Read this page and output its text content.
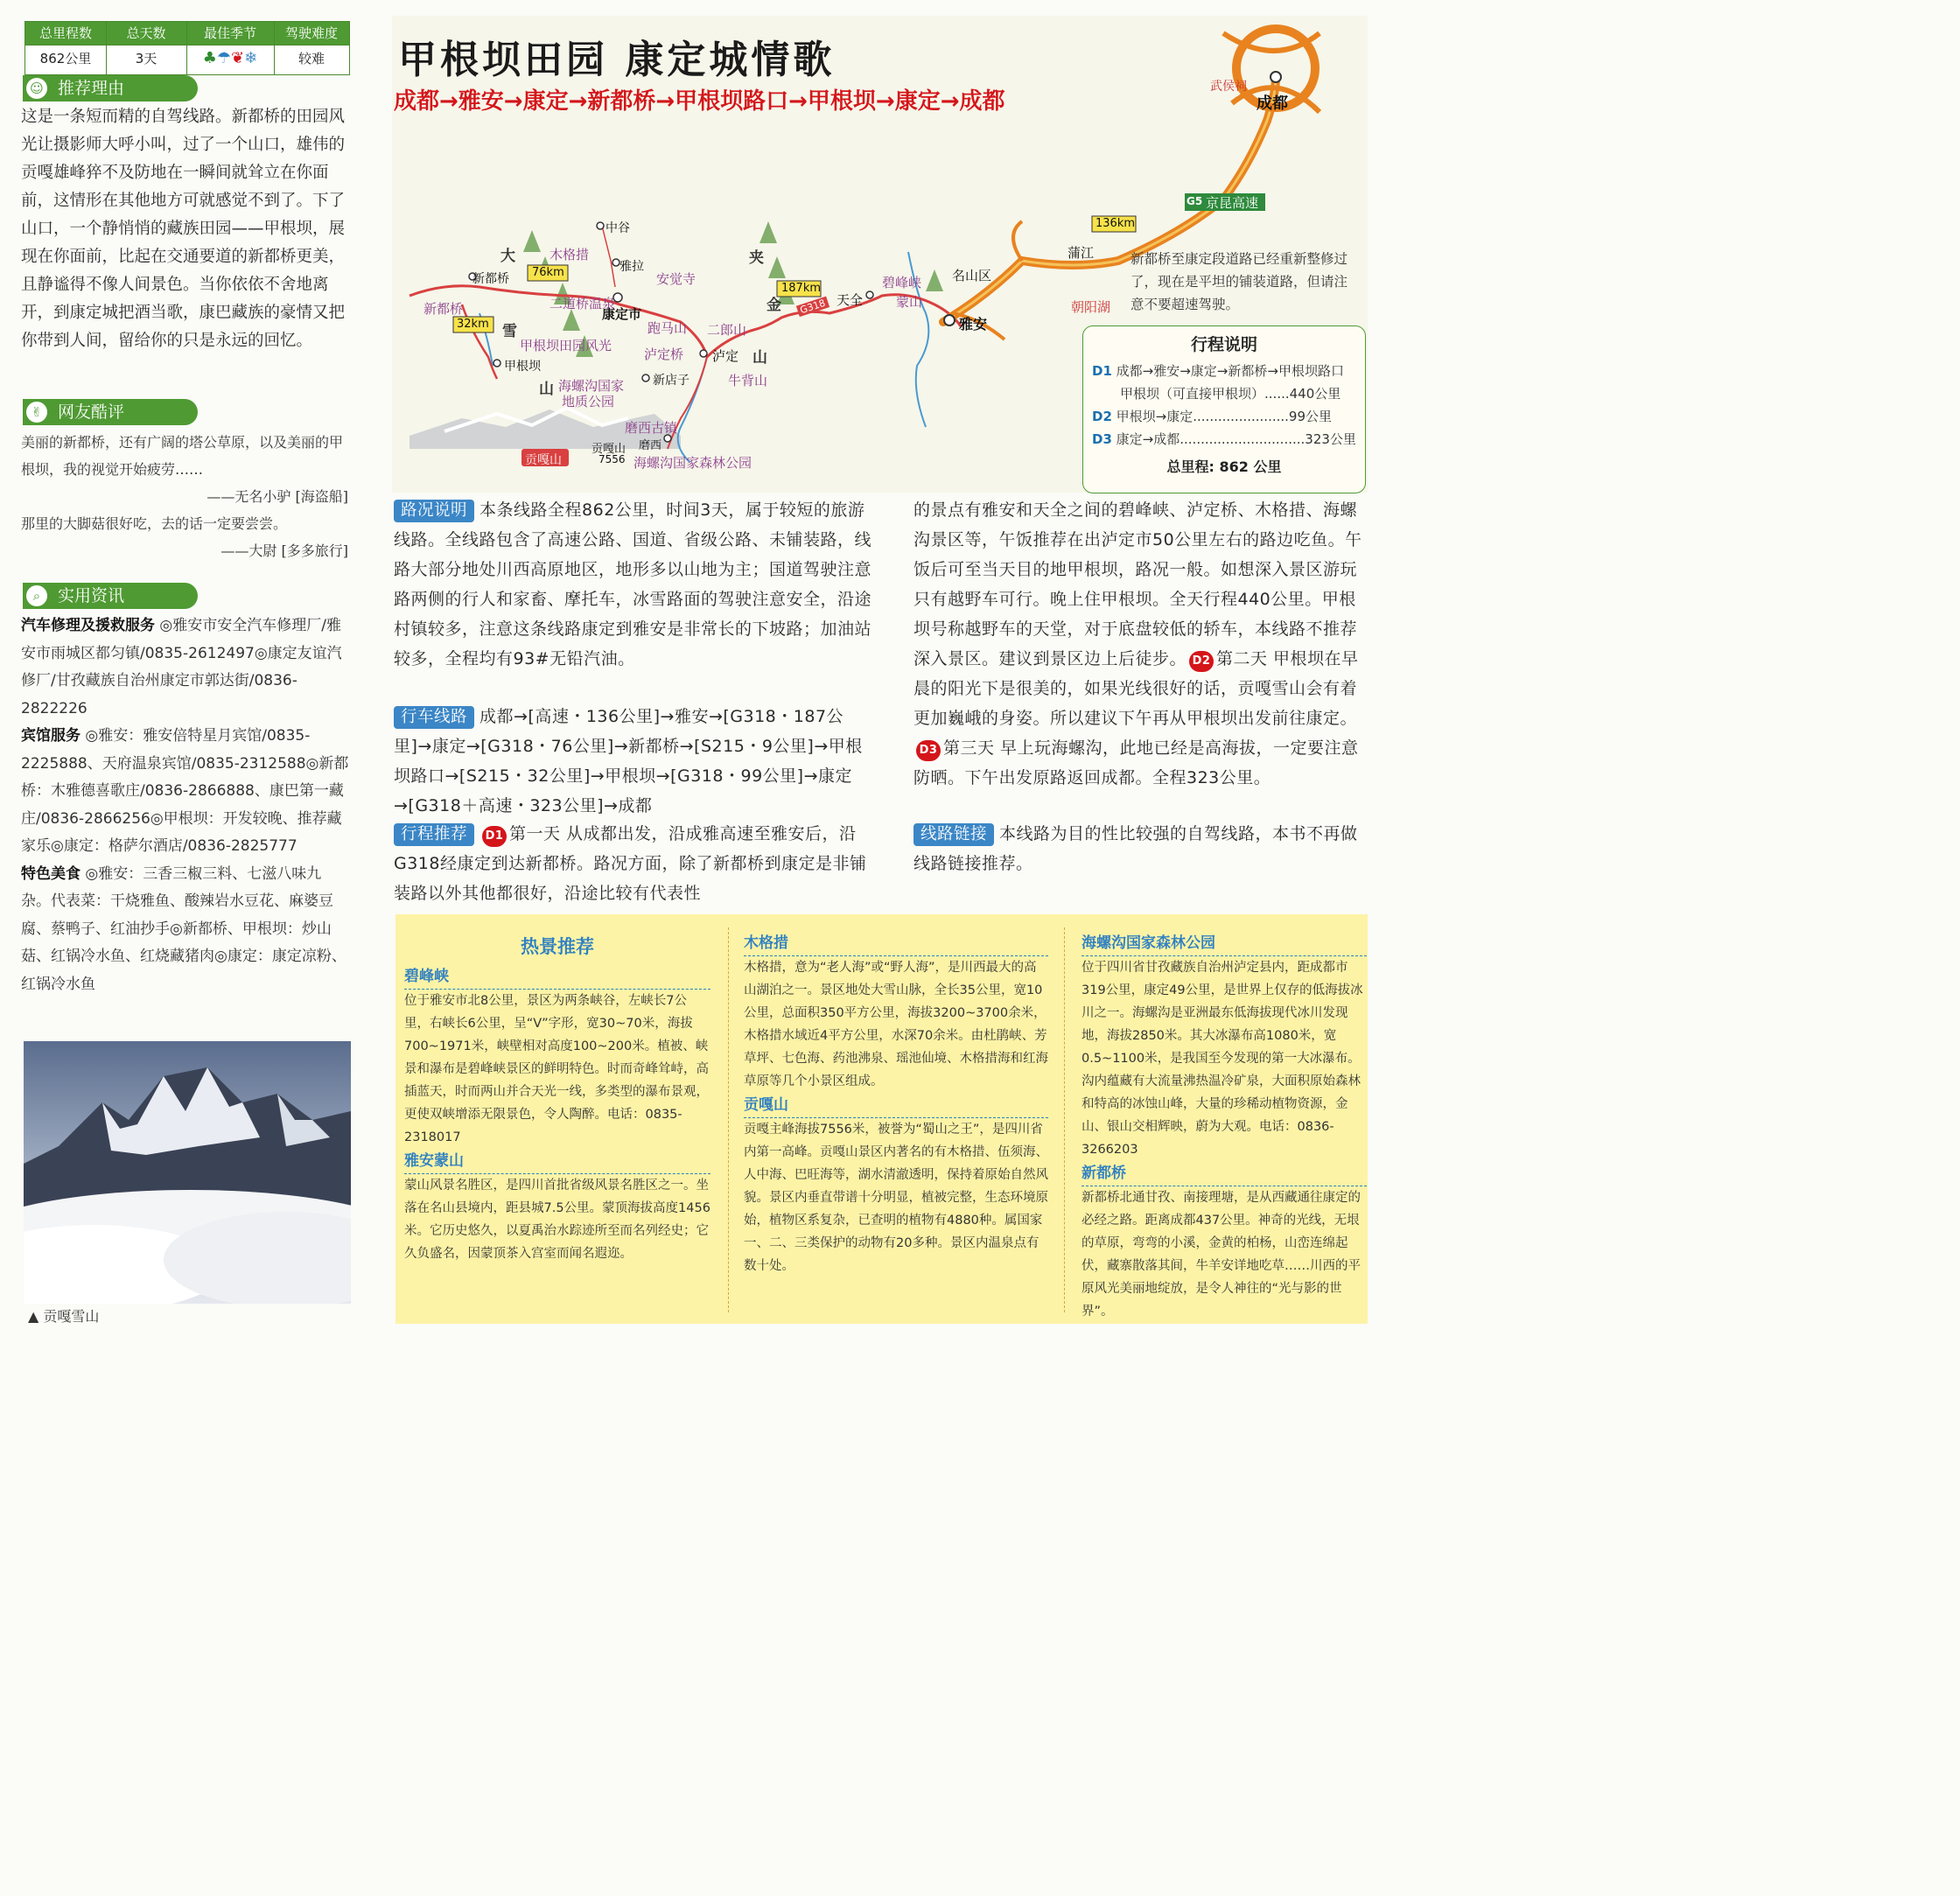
总里程数	总天数	最佳季节	驾驶难度
862公里	3天	♣☂❦❄	较难
☺ 推荐理由

这是一条短而精的自驾线路。新都桥的田园风光让摄影师大呼小叫，过了一个山口，雄伟的贡嘎雄峰猝不及防地在一瞬间就耸立在你面前，这情形在其他地方可就感觉不到了。下了山口，一个静悄悄的藏族田园——甲根坝，展现在你面前，比起在交通要道的新都桥更美，且静谧得不像人间景色。当你依依不舍地离开，到康定城把酒当歌，康巴藏族的豪情又把你带到人间，留给你的只是永远的回忆。

✌ 网友酷评
美丽的新都桥，还有广阔的塔公草原，以及美丽的甲根坝，我的视觉开始疲劳……
——无名小驴 [海盗船]
那里的大脚菇很好吃，去的话一定要尝尝。
——大尉 [多多旅行]
⌕	实用资讯
汽车修理及援救服务 ◎雅安市安全汽车修理厂/雅安市雨城区都匀镇/0835-2612497◎康定友谊汽修厂/甘孜藏族自治州康定市郭达街/0836-2822226
宾馆服务 ◎雅安：雅安倍特星月宾馆/0835-2225888、天府温泉宾馆/0835-2312588◎新都桥：木雅德喜歌庄/0836-2866888、康巴第一藏庄/0836-2866256◎甲根坝：开发较晚、推荐藏家乐◎康定：格萨尔酒店/0836-2825777
特色美食 ◎雅安：三香三椒三料、七滋八味九杂。代表菜：干烧雅鱼、酸辣岩水豆花、麻婆豆腐、蔡鸭子、红油抄手◎新都桥、甲根坝：炒山菇、红锅冷水鱼、红烧藏猪肉◎康定：康定凉粉、红锅冷水鱼
▲ 贡嘎雪山
成都
武侯祠
G5 京昆高速
136km
蒲江
名山区
雅安
朝阳湖
碧峰峡
蒙山
天全
187km
G318
夹
金
山
二郎山
泸定
泸定桥
牛背山
新店子
跑马山
康定市
二道桥温泉
安觉寺
雅拉
中谷
木格措
76km
新都桥
新都桥
32km
甲根坝
甲根坝田园风光
海螺沟国家
地质公园
磨西古镇
磨西
海螺沟国家森林公园
贡嘎山
贡嘎山
7556
大
雪
山
甲根坝田园 康定城情歌
成都→雅安→康定→新都桥→甲根坝路口→甲根坝→康定→成都
新都桥至康定段道路已经重新整修过了，现在是平坦的铺装道路，但请注意不要超速驾驶。
行程说明
D1 成都→雅安→康定→新都桥→甲根坝路口
甲根坝（可直接甲根坝）......440公里
D2 甲根坝→康定.......................99公里
D3 康定→成都..............................323公里
总里程: 862 公里
路况说明 本条线路全程862公里，时间3天，属于较短的旅游线路。全线路包含了高速公路、国道、省级公路、未铺装路，线路大部分地处川西高原地区，地形多以山地为主；国道驾驶注意路两侧的行人和家畜、摩托车，冰雪路面的驾驶注意安全，沿途村镇较多，注意这条线路康定到雅安是非常长的下坡路；加油站较多，全程均有93#无铅汽油。
行车线路 成都→[高速・136公里]→雅安→[G318・187公里]→康定→[G318・76公里]→新都桥→[S215・9公里]→甲根坝路口→[S215・32公里]→甲根坝→[G318・99公里]→康定→[G318＋高速・323公里]→成都
行程推荐 D1 第一天 从成都出发，沿成雅高速至雅安后，沿G318经康定到达新都桥。路况方面，除了新都桥到康定是非铺装路以外其他都很好，沿途比较有代表性
的景点有雅安和天全之间的碧峰峡、泸定桥、木格措、海螺沟景区等，午饭推荐在出泸定市50公里左右的路边吃鱼。午饭后可至当天目的地甲根坝，路况一般。如想深入景区游玩只有越野车可行。晚上住甲根坝。全天行程440公里。甲根坝号称越野车的天堂，对于底盘较低的轿车，本线路不推荐深入景区。建议到景区边上后徒步。 D2 第二天 甲根坝在早晨的阳光下是很美的，如果光线很好的话，贡嘎雪山会有着更加巍峨的身姿。所以建议下午再从甲根坝出发前往康定。D3 第三天 早上玩海螺沟，此地已经是高海拔，一定要注意防晒。下午出发原路返回成都。全程323公里。
线路链接 本线路为目的性比较强的自驾线路，本书不再做线路链接推荐。
热景推荐
碧峰峡
位于雅安市北8公里，景区为两条峡谷，左峡长7公里，右峡长6公里，呈“V”字形，宽30~70米，海拔700~1971米，峡壁相对高度100~200米。植被、峡景和瀑布是碧峰峡景区的鲜明特色。时而奇峰耸峙，高插蓝天，时而两山并合天光一线，多类型的瀑布景观，更使双峡增添无限景色，令人陶醉。电话：0835-2318017
雅安蒙山
蒙山风景名胜区，是四川首批省级风景名胜区之一。坐落在名山县境内，距县城7.5公里。蒙顶海拔高度1456米。它历史悠久，以夏禹治水踪迹所至而名列经史；它久负盛名，因蒙顶茶入宫室而闻名遐迩。
木格措
木格措，意为“老人海”或“野人海”，是川西最大的高山湖泊之一。景区地处大雪山脉，全长35公里，宽10公里，总面积350平方公里，海拔3200~3700余米，木格措水域近4平方公里，水深70余米。由杜鹃峡、芳草坪、七色海、药池沸泉、瑶池仙境、木格措海和红海草原等几个小景区组成。
贡嘎山
贡嘎主峰海拔7556米，被誉为“蜀山之王”，是四川省内第一高峰。贡嘎山景区内著名的有木格措、伍须海、人中海、巴旺海等，湖水清澈透明，保持着原始自然风貌。景区内垂直带谱十分明显，植被完整，生态环境原始，植物区系复杂，已查明的植物有4880种。属国家一、二、三类保护的动物有20多种。景区内温泉点有数十处。
海螺沟国家森林公园
位于四川省甘孜藏族自治州泸定县内，距成都市319公里，康定49公里，是世界上仅存的低海拔冰川之一。海螺沟是亚洲最东低海拔现代冰川发现地，海拔2850米。其大冰瀑布高1080米，宽0.5~1100米，是我国至今发现的第一大冰瀑布。沟内蕴藏有大流量沸热温冷矿泉，大面积原始森林和特高的冰蚀山峰，大量的珍稀动植物资源，金山、银山交相辉映，蔚为大观。电话：0836-3266203
新都桥
新都桥北通甘孜、南接理塘，是从西藏通往康定的必经之路。距离成都437公里。神奇的光线，无垠的草原，弯弯的小溪，金黄的柏杨，山峦连绵起伏，藏寨散落其间，牛羊安详地吃草……川西的平原风光美丽地绽放，是令人神往的“光与影的世界”。
